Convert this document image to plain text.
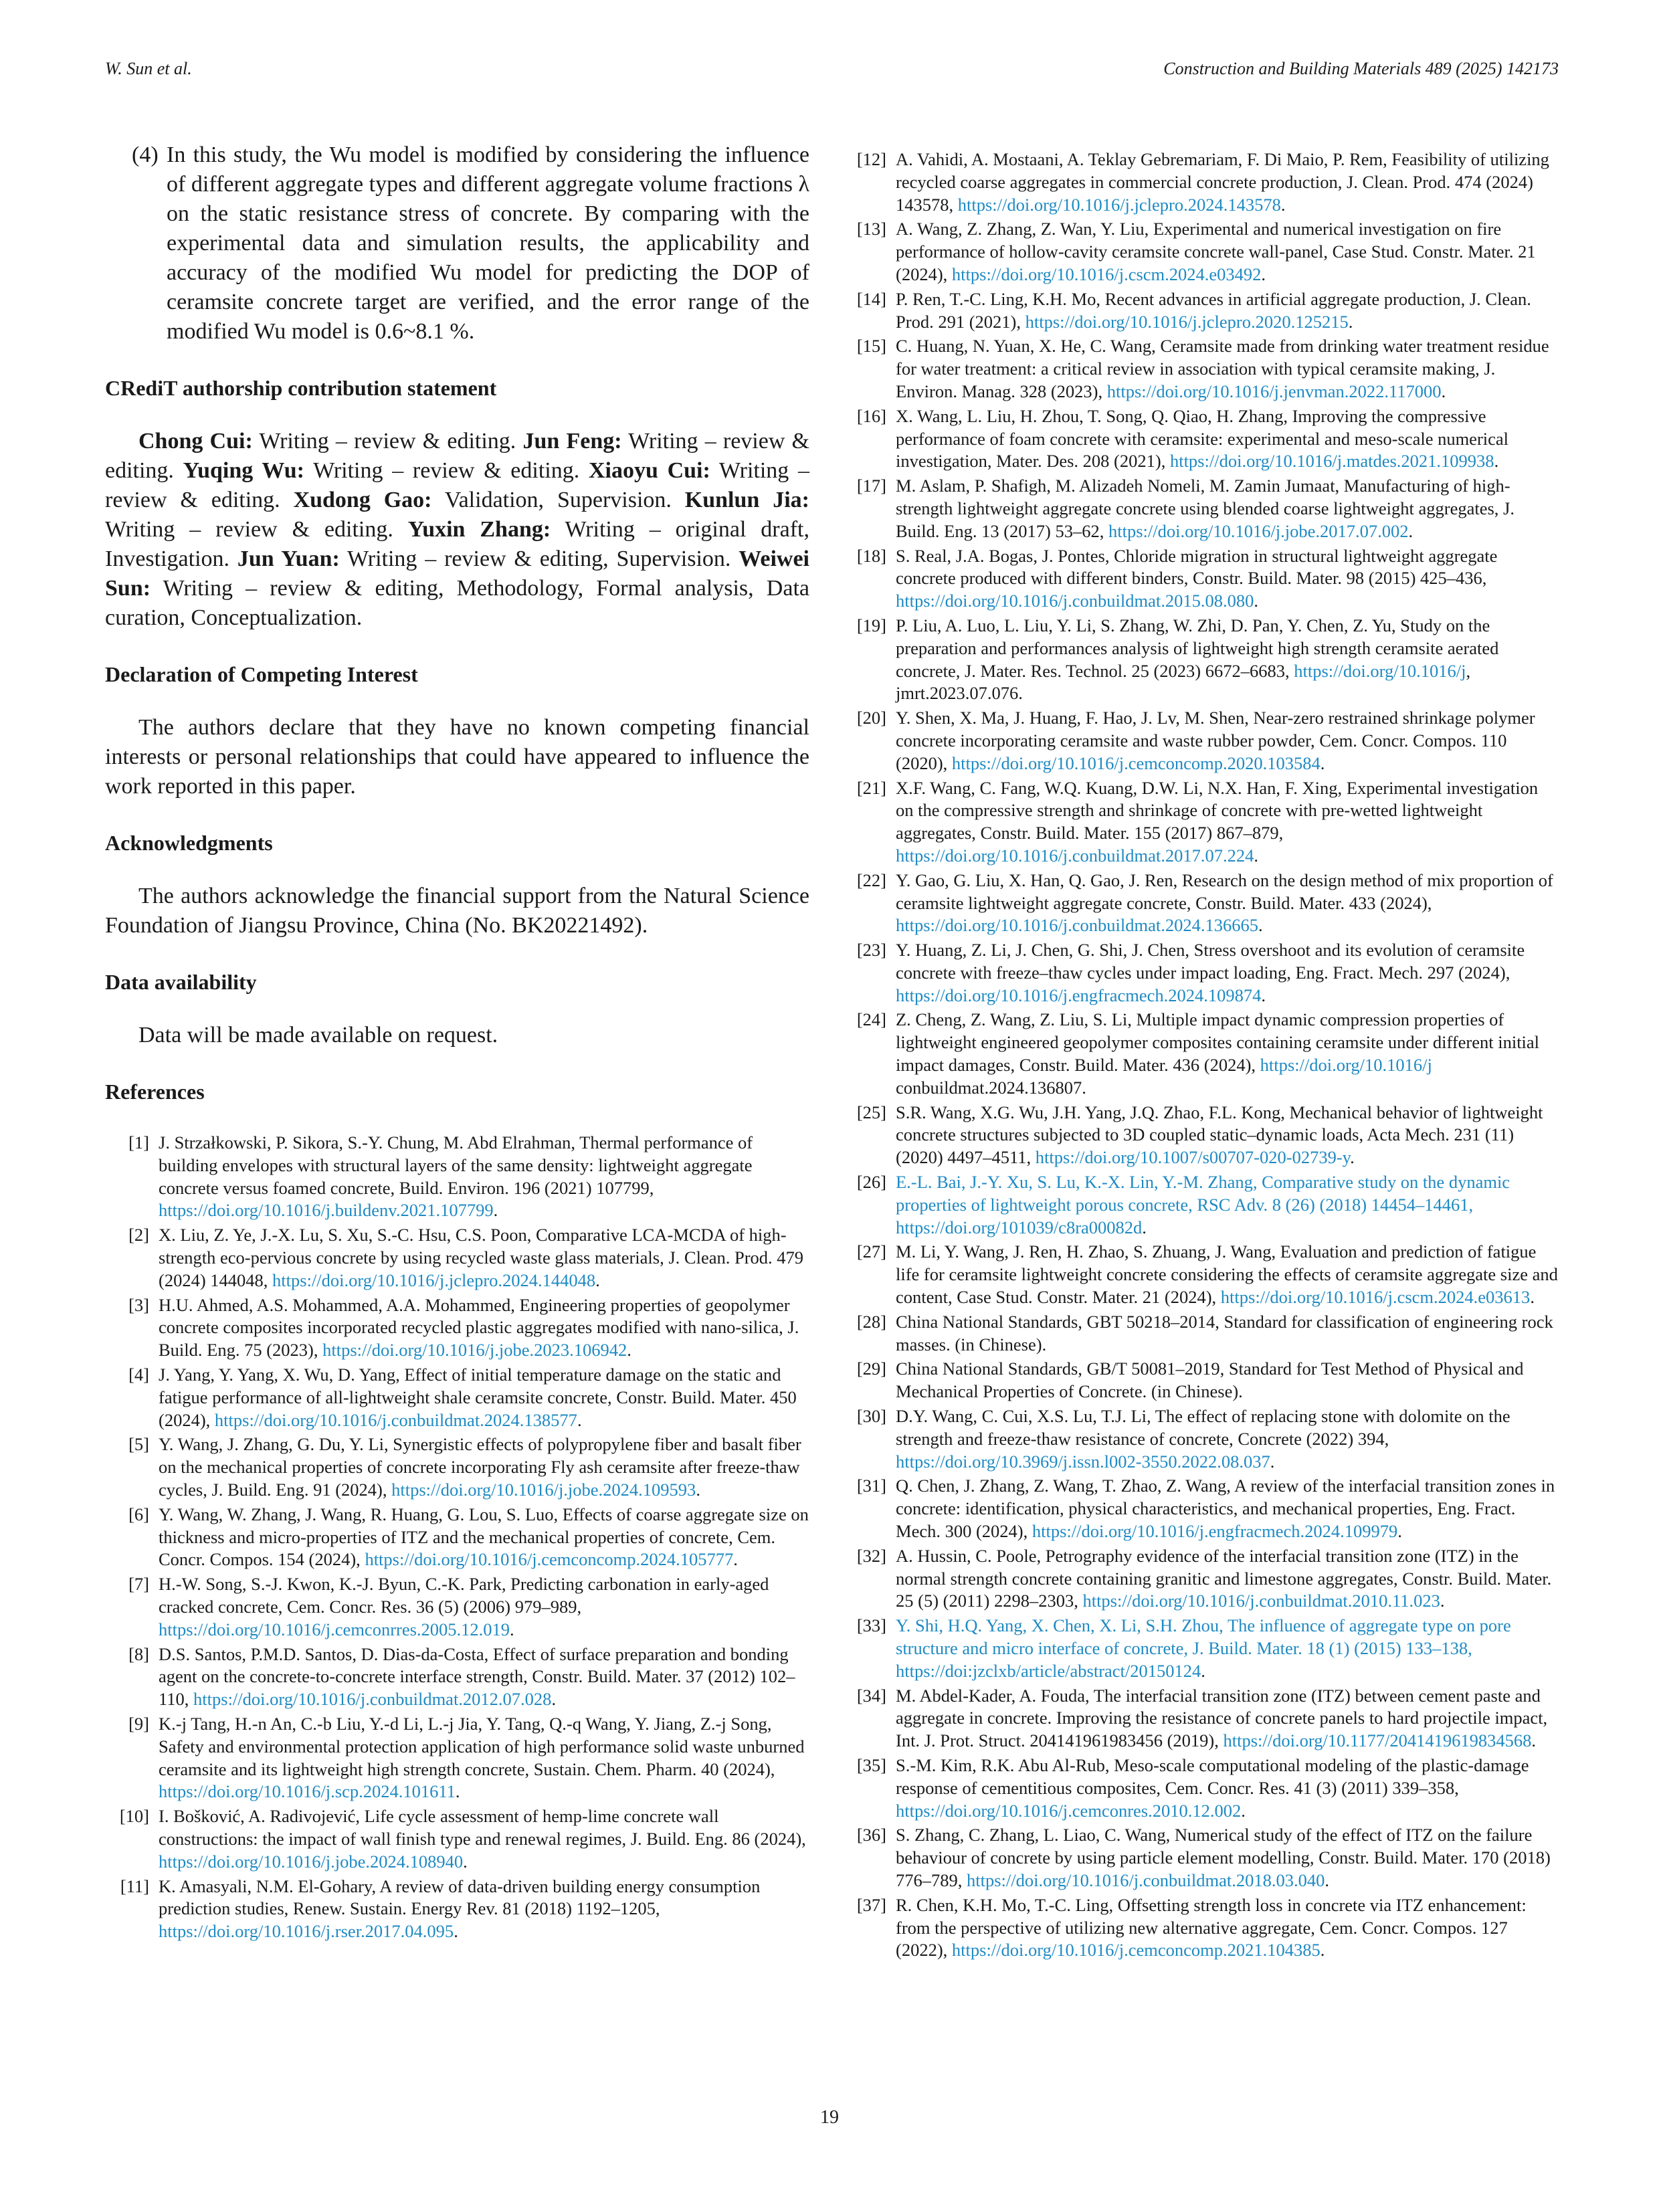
W. Sun et al.	Construction and Building Materials 489 (2025) 142173
(4) In this study, the Wu model is modified by considering the influence of different aggregate types and different aggregate volume fractions λ on the static resistance stress of concrete. By comparing with the experimental data and simulation results, the applicability and accuracy of the modified Wu model for predicting the DOP of ceramsite concrete target are verified, and the error range of the modified Wu model is 0.6~8.1 %.
CRediT authorship contribution statement

Chong Cui: Writing – review & editing. Jun Feng: Writing – review & editing. Yuqing Wu: Writing – review & editing. Xiaoyu Cui: Writing – review & editing. Xudong Gao: Validation, Supervision. Kunlun Jia: Writing – review & editing. Yuxin Zhang: Writing – original draft, Investigation. Jun Yuan: Writing – review & editing, Supervision. Weiwei Sun: Writing – review & editing, Methodology, Formal analysis, Data curation, Conceptualization.

Declaration of Competing Interest

The authors declare that they have no known competing financial interests or personal relationships that could have appeared to influence the work reported in this paper.

Acknowledgments

The authors acknowledge the financial support from the Natural Science Foundation of Jiangsu Province, China (No. BK20221492).

Data availability

Data will be made available on request.

References
[1] J. Strzałkowski, P. Sikora, S.-Y. Chung, M. Abd Elrahman, Thermal performance of building envelopes with structural layers of the same density: lightweight aggregate concrete versus foamed concrete, Build. Environ. 196 (2021) 107799, https://doi.org/10.1016/j.buildenv.2021.107799.
[2] X. Liu, Z. Ye, J.-X. Lu, S. Xu, S.-C. Hsu, C.S. Poon, Comparative LCA-MCDA of high-strength eco-pervious concrete by using recycled waste glass materials, J. Clean. Prod. 479 (2024) 144048, https://doi.org/10.1016/j.jclepro.2024.144048.
[3] H.U. Ahmed, A.S. Mohammed, A.A. Mohammed, Engineering properties of geopolymer concrete composites incorporated recycled plastic aggregates modified with nano-silica, J. Build. Eng. 75 (2023), https://doi.org/10.1016/j.jobe.2023.106942.
[4] J. Yang, Y. Yang, X. Wu, D. Yang, Effect of initial temperature damage on the static and fatigue performance of all-lightweight shale ceramsite concrete, Constr. Build. Mater. 450 (2024), https://doi.org/10.1016/j.conbuildmat.2024.138577.
[5] Y. Wang, J. Zhang, G. Du, Y. Li, Synergistic effects of polypropylene fiber and basalt fiber on the mechanical properties of concrete incorporating Fly ash ceramsite after freeze-thaw cycles, J. Build. Eng. 91 (2024), https://doi.org/10.1016/j.jobe.2024.109593.
[6] Y. Wang, W. Zhang, J. Wang, R. Huang, G. Lou, S. Luo, Effects of coarse aggregate size on thickness and micro-properties of ITZ and the mechanical properties of concrete, Cem. Concr. Compos. 154 (2024), https://doi.org/10.1016/j.cemconcomp.2024.105777.
[7] H.-W. Song, S.-J. Kwon, K.-J. Byun, C.-K. Park, Predicting carbonation in early-aged cracked concrete, Cem. Concr. Res. 36 (5) (2006) 979–989, https://doi.org/10.1016/j.cemconrres.2005.12.019.
[8] D.S. Santos, P.M.D. Santos, D. Dias-da-Costa, Effect of surface preparation and bonding agent on the concrete-to-concrete interface strength, Constr. Build. Mater. 37 (2012) 102–110, https://doi.org/10.1016/j.conbuildmat.2012.07.028.
[9] K.-j Tang, H.-n An, C.-b Liu, Y.-d Li, L.-j Jia, Y. Tang, Q.-q Wang, Y. Jiang, Z.-j Song, Safety and environmental protection application of high performance solid waste unburned ceramsite and its lightweight high strength concrete, Sustain. Chem. Pharm. 40 (2024), https://doi.org/10.1016/j.scp.2024.101611.
[10] I. Bošković, A. Radivojević, Life cycle assessment of hemp-lime concrete wall constructions: the impact of wall finish type and renewal regimes, J. Build. Eng. 86 (2024), https://doi.org/10.1016/j.jobe.2024.108940.
[11] K. Amasyali, N.M. El-Gohary, A review of data-driven building energy consumption prediction studies, Renew. Sustain. Energy Rev. 81 (2018) 1192–1205, https://doi.org/10.1016/j.rser.2017.04.095.
[12] A. Vahidi, A. Mostaani, A. Teklay Gebremariam, F. Di Maio, P. Rem, Feasibility of utilizing recycled coarse aggregates in commercial concrete production, J. Clean. Prod. 474 (2024) 143578, https://doi.org/10.1016/j.jclepro.2024.143578.
[13] A. Wang, Z. Zhang, Z. Wan, Y. Liu, Experimental and numerical investigation on fire performance of hollow-cavity ceramsite concrete wall-panel, Case Stud. Constr. Mater. 21 (2024), https://doi.org/10.1016/j.cscm.2024.e03492.
[14] P. Ren, T.-C. Ling, K.H. Mo, Recent advances in artificial aggregate production, J. Clean. Prod. 291 (2021), https://doi.org/10.1016/j.jclepro.2020.125215.
[15] C. Huang, N. Yuan, X. He, C. Wang, Ceramsite made from drinking water treatment residue for water treatment: a critical review in association with typical ceramsite making, J. Environ. Manag. 328 (2023), https://doi.org/10.1016/j.jenvman.2022.117000.
[16] X. Wang, L. Liu, H. Zhou, T. Song, Q. Qiao, H. Zhang, Improving the compressive performance of foam concrete with ceramsite: experimental and meso-scale numerical investigation, Mater. Des. 208 (2021), https://doi.org/10.1016/j.matdes.2021.109938.
[17] M. Aslam, P. Shafigh, M. Alizadeh Nomeli, M. Zamin Jumaat, Manufacturing of high-strength lightweight aggregate concrete using blended coarse lightweight aggregates, J. Build. Eng. 13 (2017) 53–62, https://doi.org/10.1016/j.jobe.2017.07.002.
[18] S. Real, J.A. Bogas, J. Pontes, Chloride migration in structural lightweight aggregate concrete produced with different binders, Constr. Build. Mater. 98 (2015) 425–436, https://doi.org/10.1016/j.conbuildmat.2015.08.080.
[19] P. Liu, A. Luo, L. Liu, Y. Li, S. Zhang, W. Zhi, D. Pan, Y. Chen, Z. Yu, Study on the preparation and performances analysis of lightweight high strength ceramsite aerated concrete, J. Mater. Res. Technol. 25 (2023) 6672–6683, https://doi.org/10.1016/j, jmrt.2023.07.076.
[20] Y. Shen, X. Ma, J. Huang, F. Hao, J. Lv, M. Shen, Near-zero restrained shrinkage polymer concrete incorporating ceramsite and waste rubber powder, Cem. Concr. Compos. 110 (2020), https://doi.org/10.1016/j.cemconcomp.2020.103584.
[21] X.F. Wang, C. Fang, W.Q. Kuang, D.W. Li, N.X. Han, F. Xing, Experimental investigation on the compressive strength and shrinkage of concrete with pre-wetted lightweight aggregates, Constr. Build. Mater. 155 (2017) 867–879, https://doi.org/10.1016/j.conbuildmat.2017.07.224.
[22] Y. Gao, G. Liu, X. Han, Q. Gao, J. Ren, Research on the design method of mix proportion of ceramsite lightweight aggregate concrete, Constr. Build. Mater. 433 (2024), https://doi.org/10.1016/j.conbuildmat.2024.136665.
[23] Y. Huang, Z. Li, J. Chen, G. Shi, J. Chen, Stress overshoot and its evolution of ceramsite concrete with freeze–thaw cycles under impact loading, Eng. Fract. Mech. 297 (2024), https://doi.org/10.1016/j.engfracmech.2024.109874.
[24] Z. Cheng, Z. Wang, Z. Liu, S. Li, Multiple impact dynamic compression properties of lightweight engineered geopolymer composites containing ceramsite under different initial impact damages, Constr. Build. Mater. 436 (2024), https://doi.org/10.1016/j conbuildmat.2024.136807.
[25] S.R. Wang, X.G. Wu, J.H. Yang, J.Q. Zhao, F.L. Kong, Mechanical behavior of lightweight concrete structures subjected to 3D coupled static–dynamic loads, Acta Mech. 231 (11) (2020) 4497–4511, https://doi.org/10.1007/s00707-020-02739-y.
[26] E.-L. Bai, J.-Y. Xu, S. Lu, K.-X. Lin, Y.-M. Zhang, Comparative study on the dynamic properties of lightweight porous concrete, RSC Adv. 8 (26) (2018) 14454–14461, https://doi.org/101039/c8ra00082d.
[27] M. Li, Y. Wang, J. Ren, H. Zhao, S. Zhuang, J. Wang, Evaluation and prediction of fatigue life for ceramsite lightweight concrete considering the effects of ceramsite aggregate size and content, Case Stud. Constr. Mater. 21 (2024), https://doi.org/10.1016/j.cscm.2024.e03613.
[28] China National Standards, GBT 50218–2014, Standard for classification of engineering rock masses. (in Chinese).
[29] China National Standards, GB/T 50081–2019, Standard for Test Method of Physical and Mechanical Properties of Concrete. (in Chinese).
[30] D.Y. Wang, C. Cui, X.S. Lu, T.J. Li, The effect of replacing stone with dolomite on the strength and freeze-thaw resistance of concrete, Concrete (2022) 394, https://doi.org/10.3969/j.issn.l002-3550.2022.08.037.
[31] Q. Chen, J. Zhang, Z. Wang, T. Zhao, Z. Wang, A review of the interfacial transition zones in concrete: identification, physical characteristics, and mechanical properties, Eng. Fract. Mech. 300 (2024), https://doi.org/10.1016/j.engfracmech.2024.109979.
[32] A. Hussin, C. Poole, Petrography evidence of the interfacial transition zone (ITZ) in the normal strength concrete containing granitic and limestone aggregates, Constr. Build. Mater. 25 (5) (2011) 2298–2303, https://doi.org/10.1016/j.conbuildmat.2010.11.023.
[33] Y. Shi, H.Q. Yang, X. Chen, X. Li, S.H. Zhou, The influence of aggregate type on pore structure and micro interface of concrete, J. Build. Mater. 18 (1) (2015) 133–138, https://doi:jzclxb/article/abstract/20150124.
[34] M. Abdel-Kader, A. Fouda, The interfacial transition zone (ITZ) between cement paste and aggregate in concrete. Improving the resistance of concrete panels to hard projectile impact, Int. J. Prot. Struct. 204141961983456 (2019), https://doi.org/10.1177/2041419619834568.
[35] S.-M. Kim, R.K. Abu Al-Rub, Meso-scale computational modeling of the plastic-damage response of cementitious composites, Cem. Concr. Res. 41 (3) (2011) 339–358, https://doi.org/10.1016/j.cemconres.2010.12.002.
[36] S. Zhang, C. Zhang, L. Liao, C. Wang, Numerical study of the effect of ITZ on the failure behaviour of concrete by using particle element modelling, Constr. Build. Mater. 170 (2018) 776–789, https://doi.org/10.1016/j.conbuildmat.2018.03.040.
[37] R. Chen, K.H. Mo, T.-C. Ling, Offsetting strength loss in concrete via ITZ enhancement: from the perspective of utilizing new alternative aggregate, Cem. Concr. Compos. 127 (2022), https://doi.org/10.1016/j.cemconcomp.2021.104385.
19
